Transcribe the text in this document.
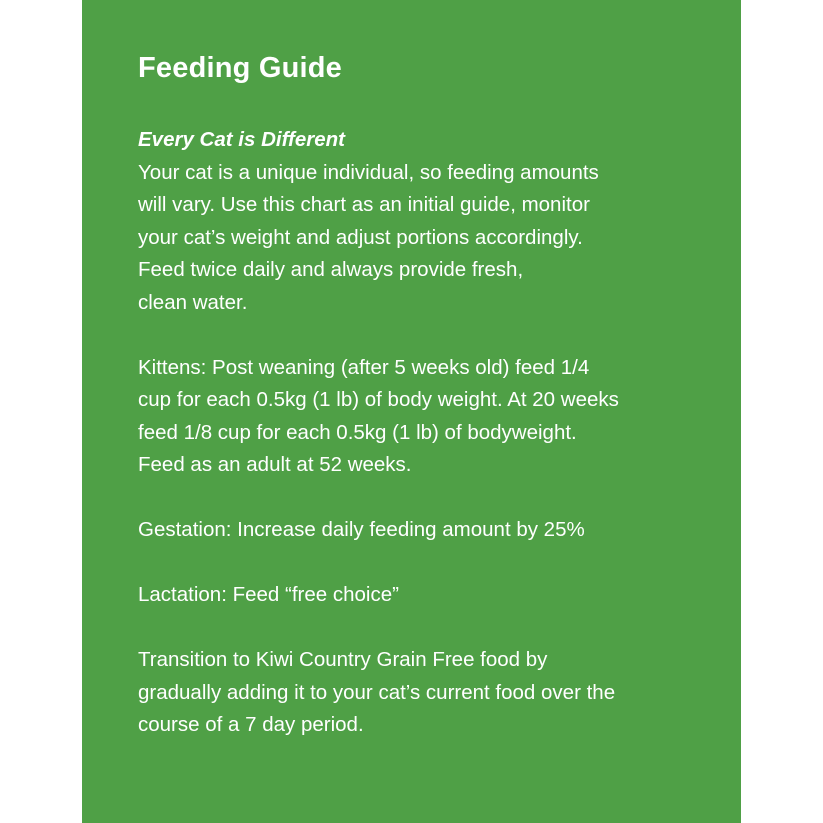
Feeding Guide
Every Cat is Different
Your cat is a unique individual, so feeding amounts
will vary. Use this chart as an initial guide, monitor
your cat’s weight and adjust portions accordingly.
Feed twice daily and always provide fresh,
clean water.
Kittens: Post weaning (after 5 weeks old) feed 1/4
cup for each 0.5kg (1 lb) of body weight. At 20 weeks
feed 1/8 cup for each 0.5kg (1 lb) of bodyweight.
Feed as an adult at 52 weeks.
Gestation: Increase daily feeding amount by 25%
Lactation: Feed “free choice”
Transition to Kiwi Country Grain Free food by
gradually adding it to your cat’s current food over the
course of a 7 day period.
